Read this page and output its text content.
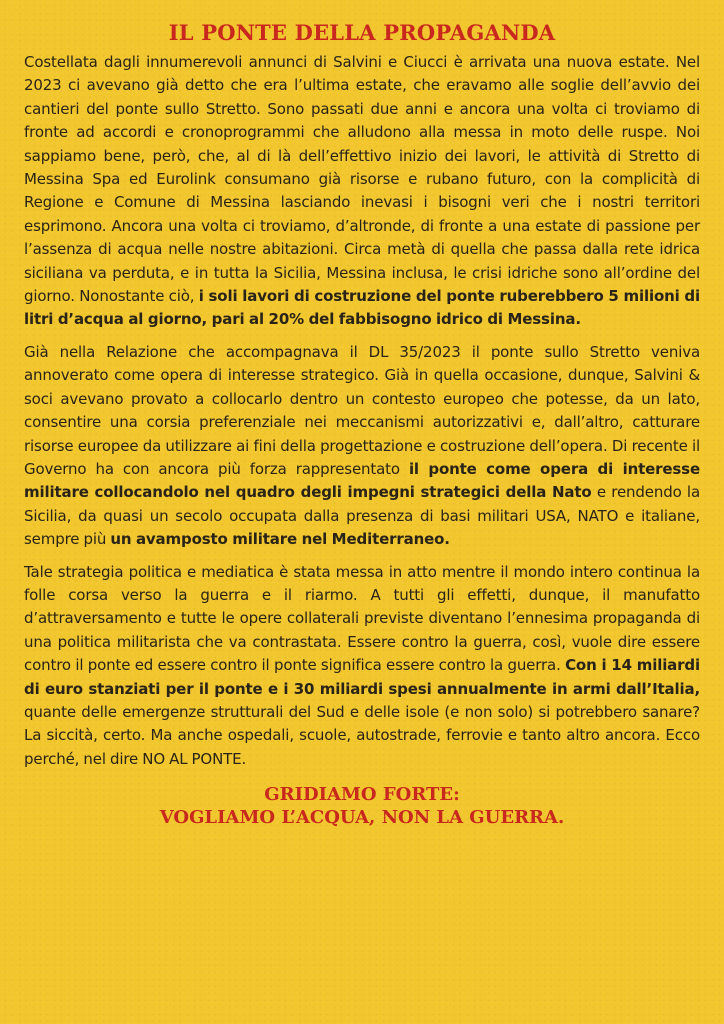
IL PONTE DELLA PROPAGANDA

Costellata dagli innumerevoli annunci di Salvini e Ciucci è arrivata una nuova estate. Nel 2023 ci avevano già detto che era l’ultima estate, che eravamo alle soglie dell’avvio dei cantieri del ponte sullo Stretto. Sono passati due anni e ancora una volta ci troviamo di fronte ad accordi e cronoprogrammi che alludono alla messa in moto delle ruspe. Noi sappiamo bene, però, che, al di là dell’effettivo inizio dei lavori, le attività di Stretto di Messina Spa ed Eurolink consumano già risorse e rubano futuro, con la complicità di Regione e Comune di Messina lasciando inevasi i bisogni veri che i nostri territori esprimono. Ancora una volta ci troviamo, d’altronde, di fronte a una estate di passione per l’assenza di acqua nelle nostre abitazioni. Circa metà di quella che passa dalla rete idrica siciliana va perduta, e in tutta la Sicilia, Messina inclusa, le crisi idriche sono all’ordine del giorno. Nonostante ciò, i soli lavori di costruzione del ponte ruberebbero 5 milioni di litri d’acqua al giorno, pari al 20% del fabbisogno idrico di Messina.

Già nella Relazione che accompagnava il DL 35/2023 il ponte sullo Stretto veniva annoverato come opera di interesse strategico. Già in quella occasione, dunque, Salvini & soci avevano provato a collocarlo dentro un contesto europeo che potesse, da un lato, consentire una corsia preferenziale nei meccanismi autorizzativi e, dall’altro, catturare risorse europee da utilizzare ai fini della progettazione e costruzione dell’opera. Di recente il Governo ha con ancora più forza rappresentato il ponte come opera di interesse militare collocandolo nel quadro degli impegni strategici della Nato e rendendo la Sicilia, da quasi un secolo occupata dalla presenza di basi militari USA, NATO e italiane, sempre più un avamposto militare nel Mediterraneo.

Tale strategia politica e mediatica è stata messa in atto mentre il mondo intero continua la folle corsa verso la guerra e il riarmo. A tutti gli effetti, dunque, il manufatto d’attraversamento e tutte le opere collaterali previste diventano l’ennesima propaganda di una politica militarista che va contrastata. Essere contro la guerra, così, vuole dire essere contro il ponte ed essere contro il ponte significa essere contro la guerra. Con i 14 miliardi di euro stanziati per il ponte e i 30 miliardi spesi annualmente in armi dall’Italia, quante delle emergenze strutturali del Sud e delle isole (e non solo) si potrebbero sanare? La siccità, certo. Ma anche ospedali, scuole, autostrade, ferrovie e tanto altro ancora. Ecco perché, nel dire NO AL PONTE.

GRIDIAMO FORTE:
VOGLIAMO L’ACQUA, NON LA GUERRA.
